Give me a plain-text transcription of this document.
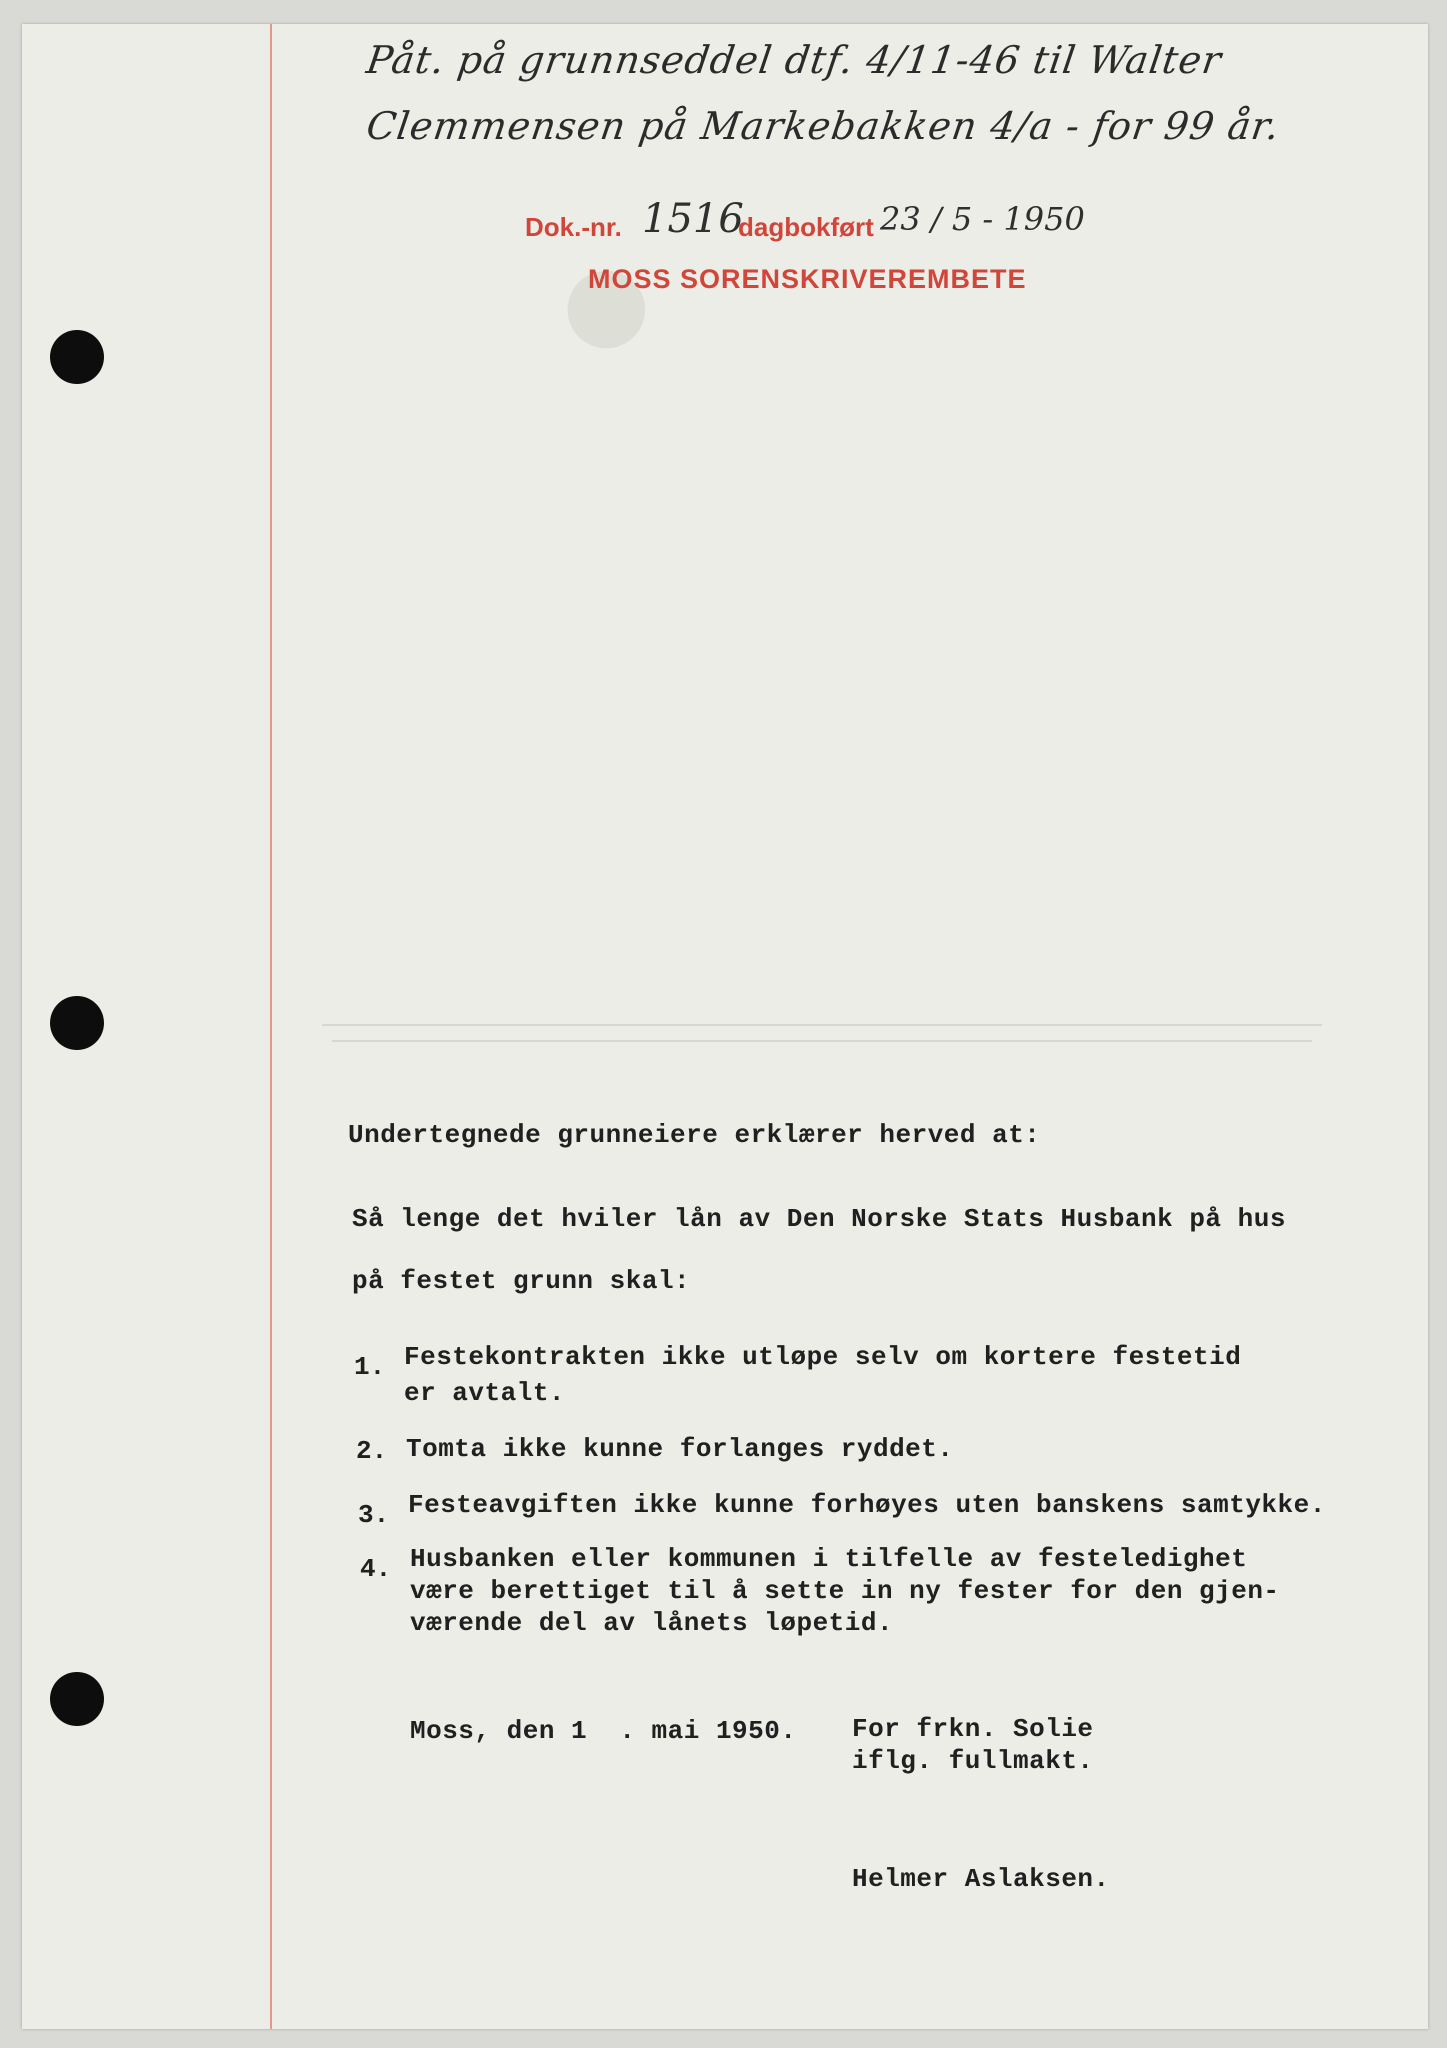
●
Påt. på grunnseddel dtf. 4/11-46 til Walter
Clemmensen på Markebakken 4/a - for 99 år.
Dok.-nr. 1516
dagbokført 23 / 5 - 1950
MOSS SORENSKRIVEREMBETE
Undertegnede grunneiere erklærer herved at:
Så lenge det hviler lån av Den Norske Stats Husbank på hus
på festet grunn skal:
1. Festekontrakten ikke utløpe selv om kortere festetid
er avtalt.
2. Tomta ikke kunne forlanges ryddet.
3. Festeavgiften ikke kunne forhøyes uten banskens samtykke.
4. Husbanken eller kommunen i tilfelle av festeledighet
være berettiget til å sette in ny fester for den gjen-
værende del av lånets løpetid.
Moss, den 1  . mai 1950. For frkn. Solie
iflg. fullmakt.
Helmer Aslaksen.
